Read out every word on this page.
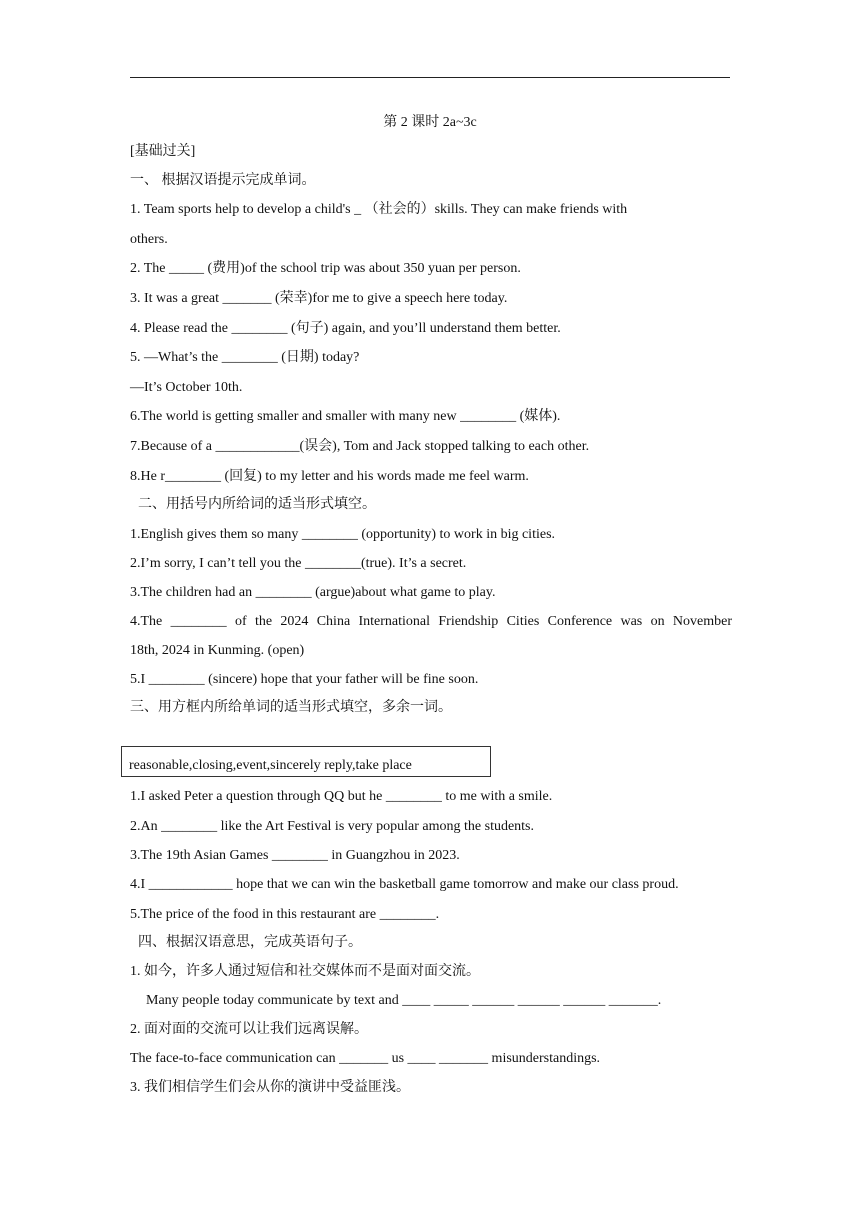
第 2 课时 2a~3c
[基础过关]
一、 根据汉语提示完成单词。
1. Team sports help to develop a child's _ （社会的）skills. They can make friends with
others.
2. The _____ (费用)of the school trip was about 350 yuan per person.
3. It was a great _______ (荣幸)for me to give a speech here today.
4. Please read the ________ (句子) again, and you’ll understand them better.
5. —What’s the ________ (日期) today?
—It’s October 10th.
6.The world is getting smaller and smaller with many new ________ (媒体).
7.Because of a ____________(误会), Tom and Jack stopped talking to each other.
8.He r________ (回复) to my letter and his words made me feel warm.
二、用括号内所给词的适当形式填空。
1.English gives them so many ________ (opportunity) to work in big cities.
2.I’m sorry, I can’t tell you the ________(true). It’s a secret.
3.The children had an ________ (argue)about what game to play.
4.The ________ of the 2024 China International Friendship Cities Conference was on November
18th, 2024 in Kunming. (open)
5.I ________ (sincere) hope that your father will be fine soon.
三、用方框内所给单词的适当形式填空，多余一词。
reasonable,closing,event,sincerely reply,take place
1.I asked Peter a question through QQ but he ________ to me with a smile.
2.An ________ like the Art Festival is very popular among the students.
3.The 19th Asian Games ________ in Guangzhou in 2023.
4.I ____________ hope that we can win the basketball game tomorrow and make our class proud.
5.The price of the food in this restaurant are ________.
四、根据汉语意思，完成英语句子。
1. 如今，许多人通过短信和社交媒体而不是面对面交流。
Many people today communicate by text and ____ _____ ______ ______ ______ _______.
2. 面对面的交流可以让我们远离误解。
The face-to-face communication can _______ us ____ _______ misunderstandings.
3. 我们相信学生们会从你的演讲中受益匪浅。
